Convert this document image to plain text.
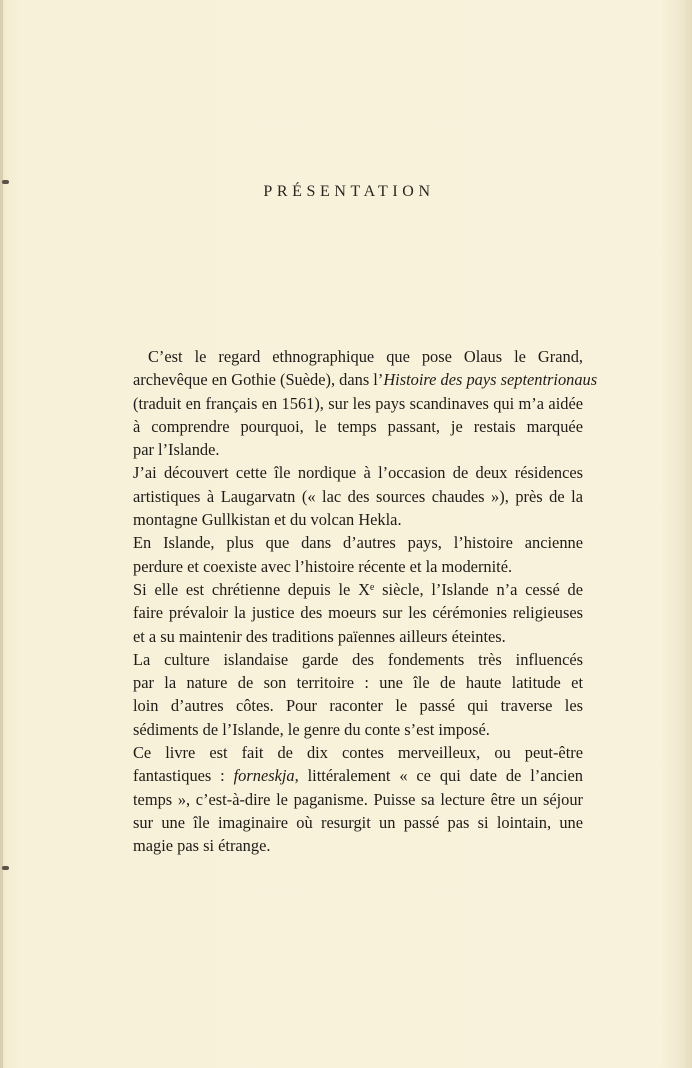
PRÉSENTATION
C’est le regard ethnographique que pose Olaus le Grand,
archevêque en Gothie (Suède), dans l’Histoire des pays septentrionaus
(traduit en français en 1561), sur les pays scandinaves qui m’a aidée
à comprendre pourquoi, le temps passant, je restais marquée
par l’Islande.
J’ai découvert cette île nordique à l’occasion de deux résidences
artistiques à Laugarvatn (« lac des sources chaudes »), près de la
montagne Gullkistan et du volcan Hekla.
En Islande, plus que dans d’autres pays, l’histoire ancienne
perdure et coexiste avec l’histoire récente et la modernité.
Si elle est chrétienne depuis le Xe siècle, l’Islande n’a cessé de
faire prévaloir la justice des moeurs sur les cérémonies religieuses
et a su maintenir des traditions païennes ailleurs éteintes.
La culture islandaise garde des fondements très influencés
par la nature de son territoire : une île de haute latitude et
loin d’autres côtes. Pour raconter le passé qui traverse les
sédiments de l’Islande, le genre du conte s’est imposé.
Ce livre est fait de dix contes merveilleux, ou peut-être
fantastiques : forneskja, littéralement « ce qui date de l’ancien
temps », c’est-à-dire le paganisme. Puisse sa lecture être un séjour
sur une île imaginaire où resurgit un passé pas si lointain, une
magie pas si étrange.
